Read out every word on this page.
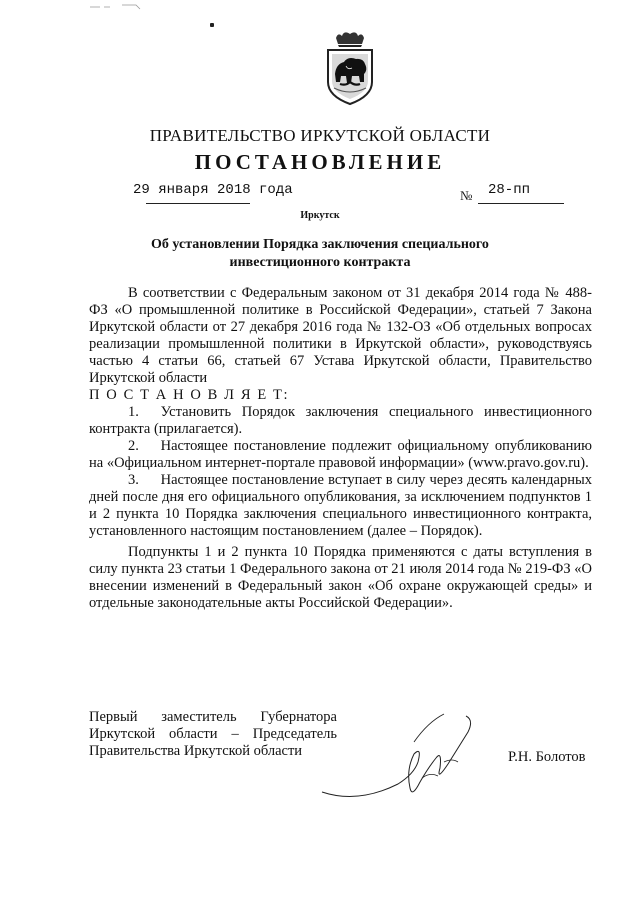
ПРАВИТЕЛЬСТВО ИРКУТСКОЙ ОБЛАСТИ
ПОСТАНОВЛЕНИЕ
29 января 2018 года	№ 28-пп
Иркутск
Об установлении Порядка заключения специального
инвестиционного контракта

В соответствии с Федеральным законом от 31 декабря 2014 года № 488-ФЗ «О промышленной политике в Российской Федерации», статьей 7 Закона Иркутской области от 27 декабря 2016 года № 132-ОЗ «Об отдельных вопросах реализации промышленной политики в Иркутской области», руководствуясь частью 4 статьи 66, статьей 67 Устава Иркутской области, Правительство Иркутской области

П О С Т А Н О В Л Я Е Т:

1.  Установить Порядок заключения специального инвестиционного контракта (прилагается).

2.  Настоящее постановление подлежит официальному опубликованию на «Официальном интернет-портале правовой информации» (www.pravo.gov.ru).

3.  Настоящее постановление вступает в силу через десять календарных дней после дня его официального опубликования, за исключением подпунктов 1 и 2 пункта 10 Порядка заключения специального инвестиционного контракта, установленного настоящим постановлением (далее – Порядок).

Подпункты 1 и 2 пункта 10 Порядка применяются с даты вступления в силу пункта 23 статьи 1 Федерального закона от 21 июля 2014 года № 219-ФЗ «О внесении изменений в Федеральный закон «Об охране окружающей среды» и отдельные законодательные акты Российской Федерации».

Первый заместитель Губернатора
Иркутской области – Председатель
Правительства Иркутской области	Р.Н. Болотов
